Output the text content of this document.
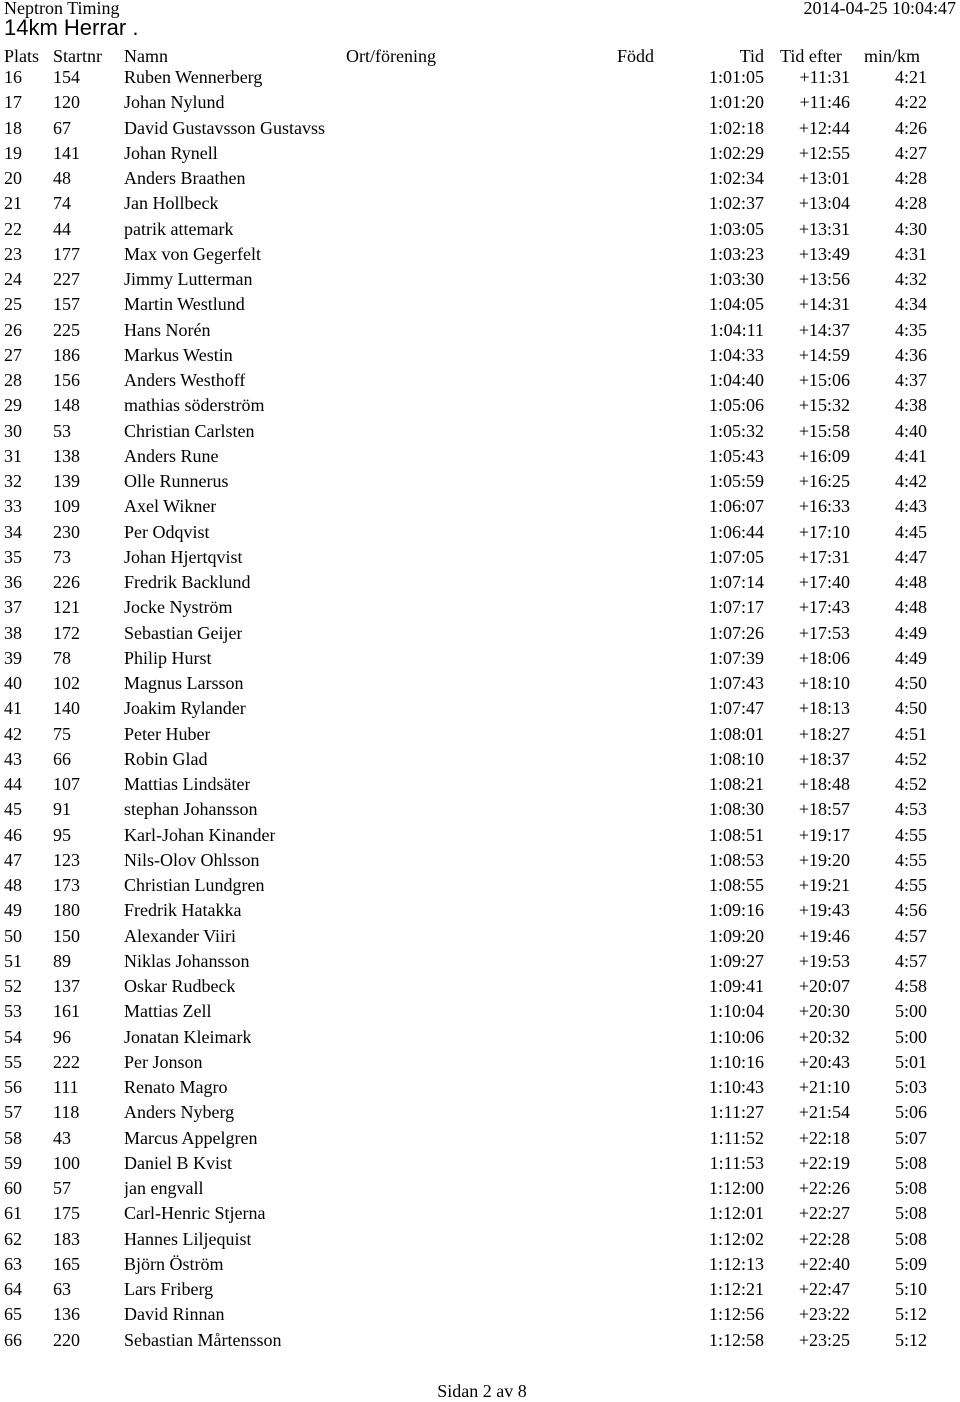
Neptron Timing	2014-04-25 10:04:47
14km Herrar .
Plats Startnr Namn	Ort/förening	Född	Tid Tid efter min/km
16 154 Ruben Wennerberg	1:01:05	+11:31	4:21
17 120 Johan Nylund	1:01:20	+11:46	4:22
18 67	David Gustavsson Gustavss	1:02:18	+12:44	4:26
19 141 Johan Rynell	1:02:29	+12:55	4:27
20 48	Anders Braathen	1:02:34	+13:01	4:28
21 74	Jan Hollbeck	1:02:37	+13:04	4:28
22 44	patrik attemark	1:03:05	+13:31	4:30
23 177 Max von Gegerfelt	1:03:23	+13:49	4:31
24 227 Jimmy Lutterman	1:03:30	+13:56	4:32
25 157 Martin Westlund	1:04:05	+14:31	4:34
26 225 Hans Norén	1:04:11	+14:37	4:35
27 186 Markus Westin	1:04:33	+14:59	4:36
28 156 Anders Westhoff	1:04:40	+15:06	4:37
29 148 mathias söderström	1:05:06	+15:32	4:38
30 53	Christian Carlsten	1:05:32	+15:58	4:40
31 138 Anders Rune	1:05:43	+16:09	4:41
32 139 Olle Runnerus	1:05:59	+16:25	4:42
33 109 Axel Wikner	1:06:07	+16:33	4:43
34 230 Per Odqvist	1:06:44	+17:10	4:45
35 73	Johan Hjertqvist	1:07:05	+17:31	4:47
36 226 Fredrik Backlund	1:07:14	+17:40	4:48
37 121 Jocke Nyström	1:07:17	+17:43	4:48
38 172 Sebastian Geijer	1:07:26	+17:53	4:49
39 78	Philip Hurst	1:07:39	+18:06	4:49
40 102 Magnus Larsson	1:07:43	+18:10	4:50
41 140 Joakim Rylander	1:07:47	+18:13	4:50
42 75	Peter Huber	1:08:01	+18:27	4:51
43 66	Robin Glad	1:08:10	+18:37	4:52
44 107 Mattias Lindsäter	1:08:21	+18:48	4:52
45 91	stephan Johansson	1:08:30	+18:57	4:53
46 95	Karl-Johan Kinander	1:08:51	+19:17	4:55
47 123 Nils-Olov Ohlsson	1:08:53	+19:20	4:55
48 173 Christian Lundgren	1:08:55	+19:21	4:55
49 180 Fredrik Hatakka	1:09:16	+19:43	4:56
50 150 Alexander Viiri	1:09:20	+19:46	4:57
51 89	Niklas Johansson	1:09:27	+19:53	4:57
52 137 Oskar Rudbeck	1:09:41	+20:07	4:58
53 161 Mattias Zell	1:10:04	+20:30	5:00
54 96	Jonatan Kleimark	1:10:06	+20:32	5:00
55 222 Per Jonson	1:10:16	+20:43	5:01
56 111	Renato Magro	1:10:43	+21:10	5:03
57 118 Anders Nyberg	1:11:27	+21:54	5:06
58 43	Marcus Appelgren	1:11:52	+22:18	5:07
59 100 Daniel B Kvist	1:11:53	+22:19	5:08
60 57	jan engvall	1:12:00	+22:26	5:08
61 175 Carl-Henric Stjerna	1:12:01	+22:27	5:08
62 183 Hannes Liljequist	1:12:02	+22:28	5:08
63 165 Björn Öström	1:12:13	+22:40	5:09
64 63	Lars Friberg	1:12:21	+22:47	5:10
65 136 David Rinnan	1:12:56	+23:22	5:12
66 220 Sebastian Mårtensson	1:12:58	+23:25	5:12
Sidan 2 av 8
